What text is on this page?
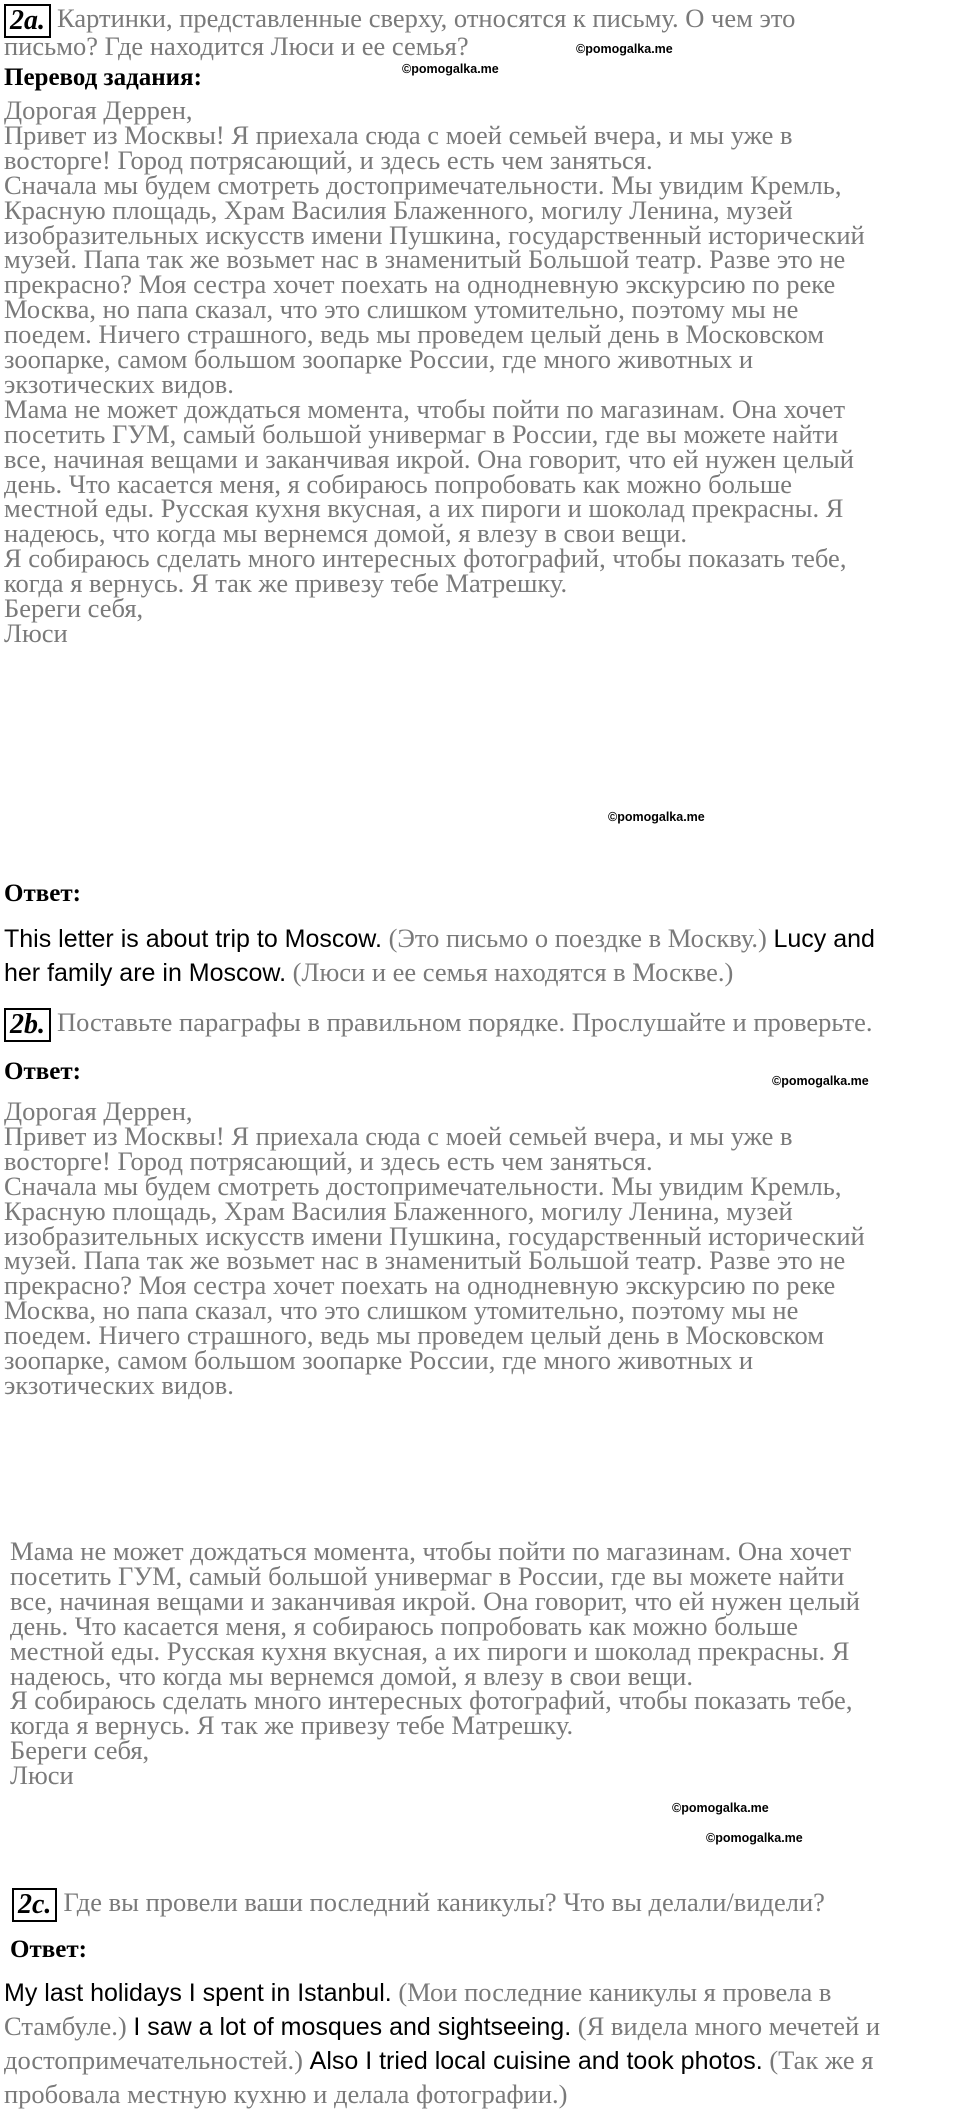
2a. Картинки, представленные сверху, относятся к письму. О чем это
письмо? Где находится Люси и ее семья?	©pomogalka.me
Перевод задания:	©pomogalka.me
Дорогая Деррен,
Привет из Москвы! Я приехала сюда с моей семьей вчера, и мы уже в
восторге! Город потрясающий, и здесь есть чем заняться.
Сначала мы будем смотреть достопримечательности. Мы увидим Кремль,
Красную площадь, Храм Василия Блаженного, могилу Ленина, музей
изобразительных искусств имени Пушкина, государственный исторический
музей. Папа так же возьмет нас в знаменитый Большой театр. Разве это не
прекрасно? Моя сестра хочет поехать на однодневную экскурсию по реке
Москва, но папа сказал, что это слишком утомительно, поэтому мы не
поедем. Ничего страшного, ведь мы проведем целый день в Московском
зоопарке, самом большом зоопарке России, где много животных и
экзотических видов.
Мама не может дождаться момента, чтобы пойти по магазинам. Она хочет
посетить ГУМ, самый большой универмаг в России, где вы можете найти
все, начиная вещами и заканчивая икрой. Она говорит, что ей нужен целый
день. Что касается меня, я собираюсь попробовать как можно больше
местной еды. Русская кухня вкусная, а их пироги и шоколад прекрасны. Я
надеюсь, что когда мы вернемся домой, я влезу в свои вещи.
Я собираюсь сделать много интересных фотографий, чтобы показать тебе,
когда я вернусь. Я так же привезу тебе Матрешку.
Береги себя,
Люси
©pomogalka.me
Ответ:
This letter is about trip to Moscow. (Это письмо о поездке в Москву.) Lucy and
her family are in Moscow. (Люси и ее семья находятся в Москве.)
2b. Поставьте параграфы в правильном порядке. Прослушайте и проверьте.
Ответ:	©pomogalka.me
Дорогая Деррен,
Привет из Москвы! Я приехала сюда с моей семьей вчера, и мы уже в
восторге! Город потрясающий, и здесь есть чем заняться.
Сначала мы будем смотреть достопримечательности. Мы увидим Кремль,
Красную площадь, Храм Василия Блаженного, могилу Ленина, музей
изобразительных искусств имени Пушкина, государственный исторический
музей. Папа так же возьмет нас в знаменитый Большой театр. Разве это не
прекрасно? Моя сестра хочет поехать на однодневную экскурсию по реке
Москва, но папа сказал, что это слишком утомительно, поэтому мы не
поедем. Ничего страшного, ведь мы проведем целый день в Московском
зоопарке, самом большом зоопарке России, где много животных и
экзотических видов.
Мама не может дождаться момента, чтобы пойти по магазинам. Она хочет
посетить ГУМ, самый большой универмаг в России, где вы можете найти
все, начиная вещами и заканчивая икрой. Она говорит, что ей нужен целый
день. Что касается меня, я собираюсь попробовать как можно больше
местной еды. Русская кухня вкусная, а их пироги и шоколад прекрасны. Я
надеюсь, что когда мы вернемся домой, я влезу в свои вещи.
Я собираюсь сделать много интересных фотографий, чтобы показать тебе,
когда я вернусь. Я так же привезу тебе Матрешку.
Береги себя,
Люси
©pomogalka.me
©pomogalka.me
2c. Где вы провели ваши последний каникулы? Что вы делали/видели?
Ответ:
My last holidays I spent in Istanbul. (Мои последние каникулы я провела в
Стамбуле.) I saw a lot of mosques and sightseeing. (Я видела много мечетей и
достопримечательностей.) Also I tried local cuisine and took photos. (Так же я
пробовала местную кухню и делала фотографии.)
